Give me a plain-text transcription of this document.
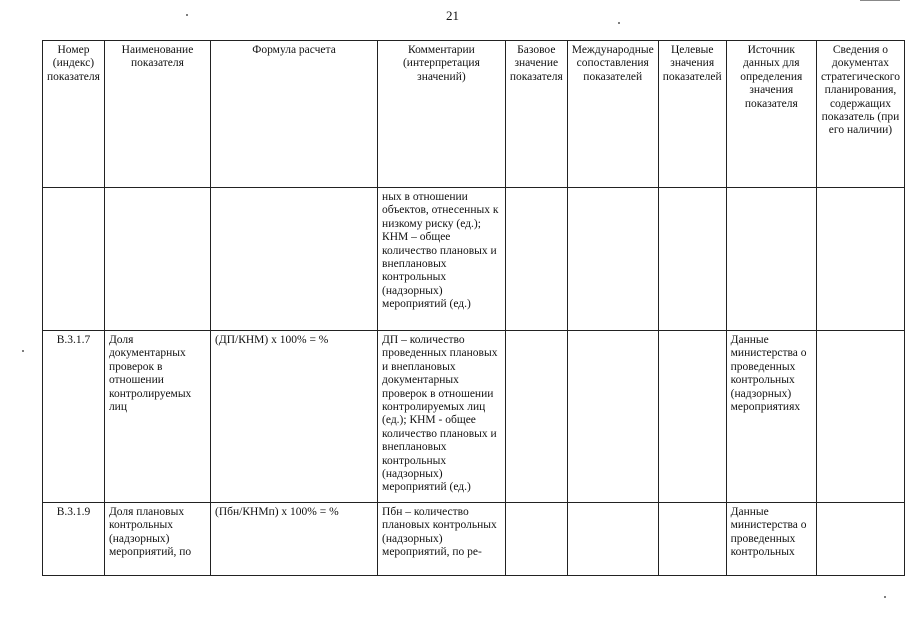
21
Номер (индекс) показателя	Наименование показателя	Формула расчета	Комментарии (интерпретация значений)	Базовое значение показателя	Международные сопоставления показателей	Целевые значения показателей	Источник данных для определения значения показателя	Сведения о документах стратегического планирования, содержащих показатель (при его наличии)
			ных в отношении объектов, отнесенных к низкому риску (ед.); КНМ – общее количество плановых и внеплановых контрольных (надзорных) мероприятий (ед.)					
В.3.1.7	Доля документарных проверок в отношении контролируемых лиц	(ДП/КНМ) х 100% = %	ДП – количество проведенных плановых и внеплановых документарных проверок в отношении контролируемых лиц (ед.); КНМ - общее количество плановых и внеплановых контрольных (надзорных) мероприятий (ед.)				Данные министерства о проведенных контрольных (надзорных) мероприятиях	
В.3.1.9	Доля плановых контрольных (надзорных) мероприятий, по	(Пбн/КНМп) х 100% = %	Пбн – количество плановых контрольных (надзорных) мероприятий, по ре-				Данные министерства о проведенных контрольных	
